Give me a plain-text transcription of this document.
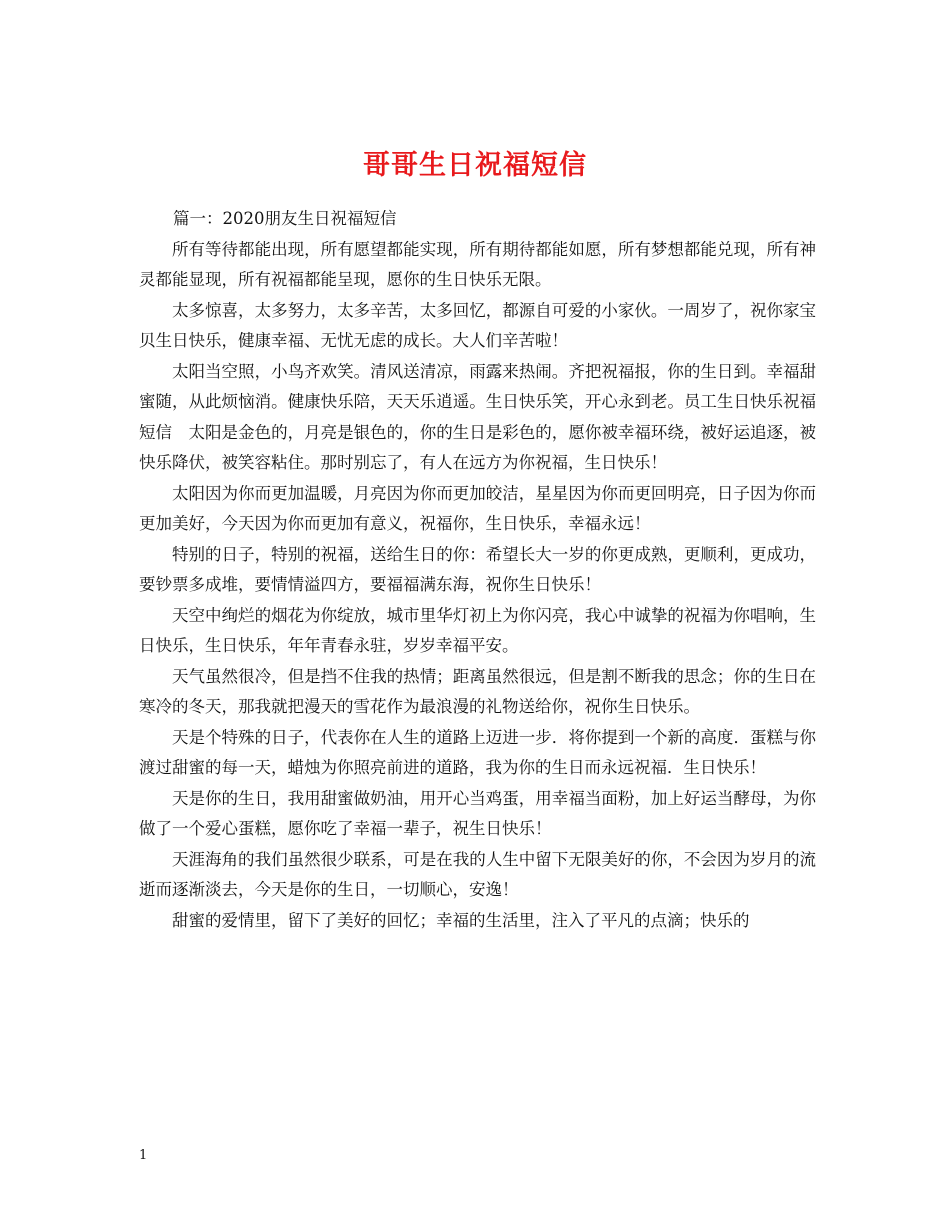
哥哥生日祝福短信

篇一：2020朋友生日祝福短信

所有等待都能出现，所有愿望都能实现，所有期待都能如愿，所有梦想都能兑现，所有神灵都能显现，所有祝福都能呈现，愿你的生日快乐无限。

太多惊喜，太多努力，太多辛苦，太多回忆，都源自可爱的小家伙。一周岁了，祝你家宝贝生日快乐，健康幸福、无忧无虑的成长。大人们辛苦啦！

太阳当空照，小鸟齐欢笑。清风送清凉，雨露来热闹。齐把祝福报，你的生日到。幸福甜蜜随，从此烦恼消。健康快乐陪，天天乐逍遥。生日快乐笑，开心永到老。员工生日快乐祝福短信　太阳是金色的，月亮是银色的，你的生日是彩色的，愿你被幸福环绕，被好运追逐，被快乐降伏，被笑容粘住。那时别忘了，有人在远方为你祝福，生日快乐！

太阳因为你而更加温暖，月亮因为你而更加皎洁，星星因为你而更回明亮，日子因为你而更加美好，今天因为你而更加有意义，祝福你，生日快乐，幸福永远！

特别的日子，特别的祝福，送给生日的你：希望长大一岁的你更成熟，更顺利，更成功，要钞票多成堆，要情情溢四方，要福福满东海，祝你生日快乐！

天空中绚烂的烟花为你绽放，城市里华灯初上为你闪亮，我心中诚挚的祝福为你唱响，生日快乐，生日快乐，年年青春永驻，岁岁幸福平安。

天气虽然很冷，但是挡不住我的热情；距离虽然很远，但是割不断我的思念；你的生日在寒冷的冬天，那我就把漫天的雪花作为最浪漫的礼物送给你，祝你生日快乐。

天是个特殊的日子，代表你在人生的道路上迈进一步．将你提到一个新的高度．蛋糕与你渡过甜蜜的每一天，蜡烛为你照亮前进的道路，我为你的生日而永远祝福．生日快乐！

天是你的生日，我用甜蜜做奶油，用开心当鸡蛋，用幸福当面粉，加上好运当酵母，为你做了一个爱心蛋糕，愿你吃了幸福一辈子，祝生日快乐！

天涯海角的我们虽然很少联系，可是在我的人生中留下无限美好的你，不会因为岁月的流逝而逐渐淡去，今天是你的生日，一切顺心，安逸！

甜蜜的爱情里，留下了美好的回忆；幸福的生活里，注入了平凡的点滴；快乐的

1
